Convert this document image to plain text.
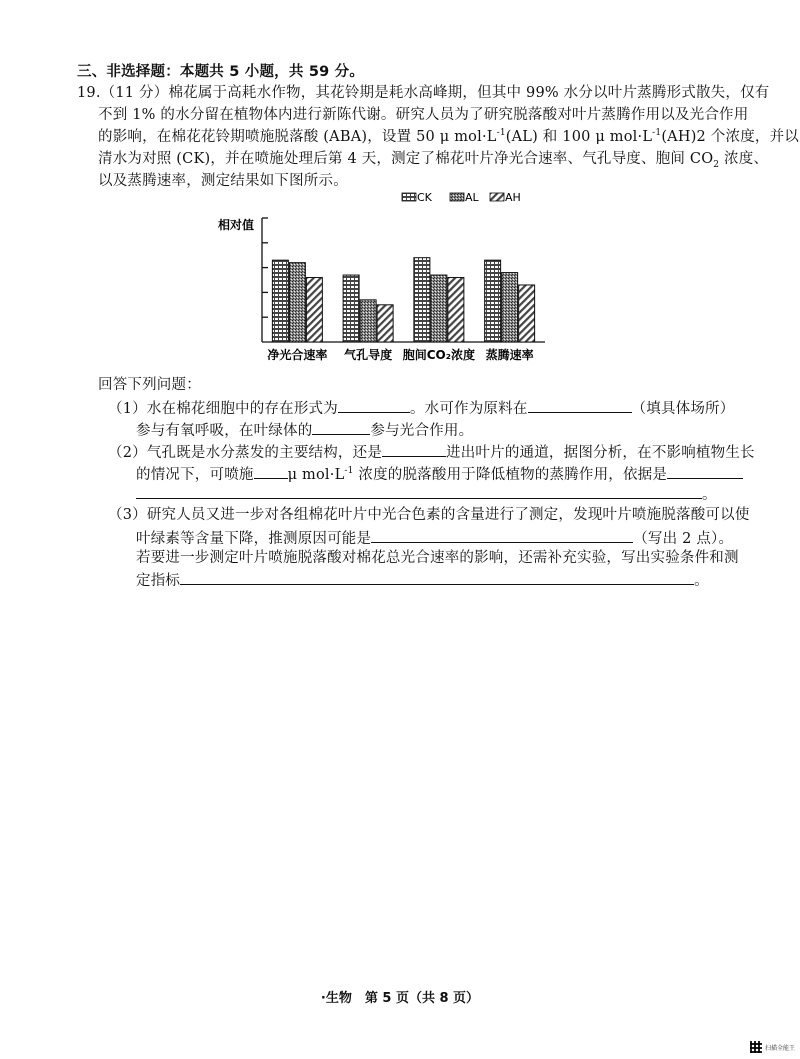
三、非选择题：本题共 5 小题，共 59 分。
19.（11 分）棉花属于高耗水作物，其花铃期是耗水高峰期，但其中 99% 水分以叶片蒸腾形式散失，仅有
不到 1% 的水分留在植物体内进行新陈代谢。研究人员为了研究脱落酸对叶片蒸腾作用以及光合作用
的影响，在棉花花铃期喷施脱落酸 (ABA)，设置 50 μ $mol\cdot L^{-1}(AL)$ 和 100 μ $mol\cdot L^{-1}(AH)2$ 个浓度，并以
清水为对照 (CK)，并在喷施处理后第 4 天，测定了棉花叶片净光合速率、气孔导度、胞间 $CO_2$ 浓度、
以及蒸腾速率，测定结果如下图所示。
CK	AL AH
相对值
净光合速率 气孔导度 胞间CO₂浓度 蒸腾速率
回答下列问题：
（1）水在棉花细胞中的存在形式为	。水可作为原料在	（填具体场所）
参与有氧呼吸，在叶绿体的	参与光合作用。
（2）气孔既是水分蒸发的主要结构，还是	进出叶片的通道，据图分析，在不影响植物生长
的情况下，可喷施 μ $mol\cdot L^{-1}$ 浓度的脱落酸用于降低植物的蒸腾作用，依据是
。
（3）研究人员又进一步对各组棉花叶片中光合色素的含量进行了测定，发现叶片喷施脱落酸可以使
叶绿素等含量下降，推测原因可能是	（写出 2 点）。
若要进一步测定叶片喷施脱落酸对棉花总光合速率的影响，还需补充实验，写出实验条件和测
定指标	。
·生物　第 5 页（共 8 页）
扫描全能王
